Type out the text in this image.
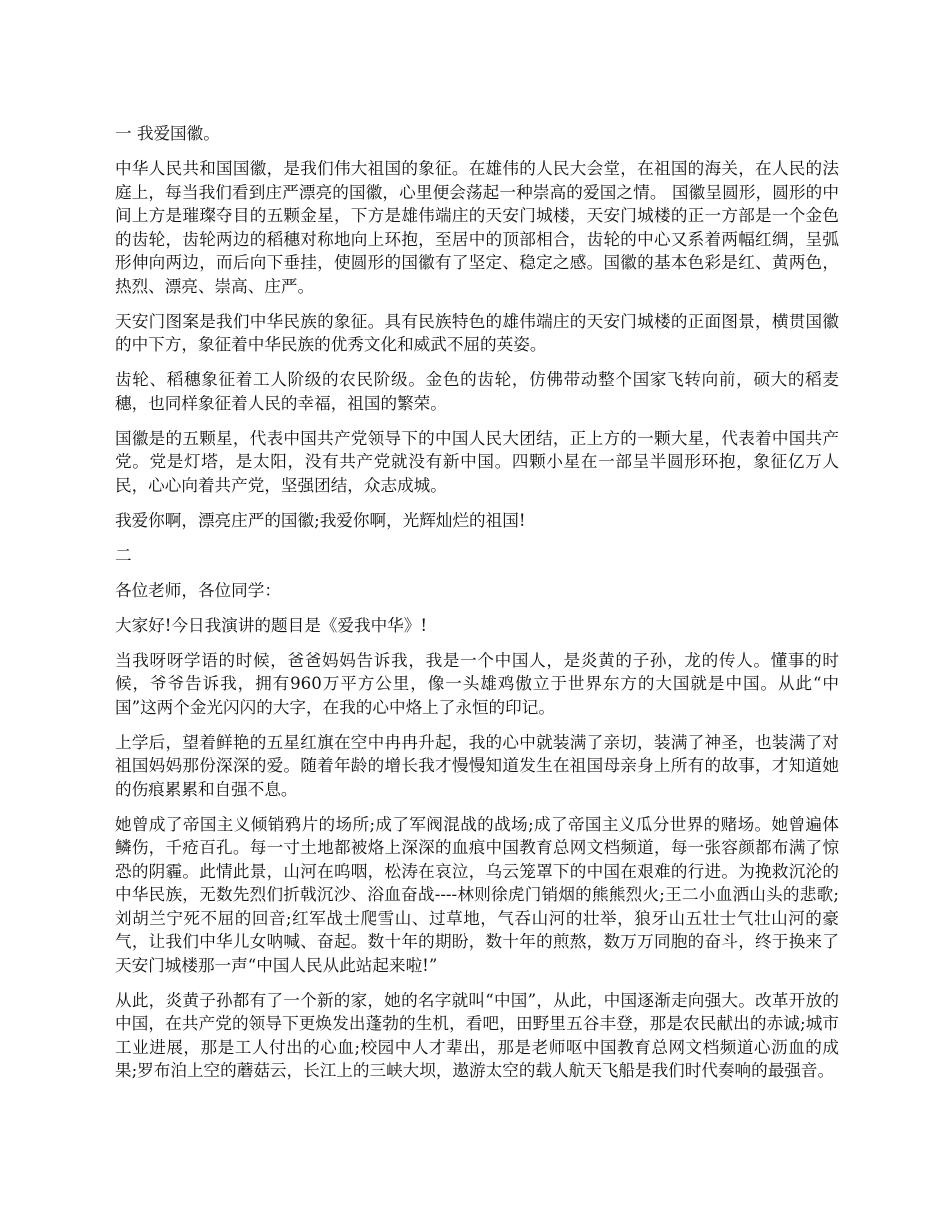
一 我爱国徽。

中华人民共和国国徽，是我们伟大祖国的象征。在雄伟的人民大会堂，在祖国的海关，在人民的法庭上，每当我们看到庄严漂亮的国徽，心里便会荡起一种崇高的爱国之情。 国徽呈圆形，圆形的中间上方是璀璨夺目的五颗金星，下方是雄伟端庄的天安门城楼，天安门城楼的正一方部是一个金色的齿轮，齿轮两边的稻穗对称地向上环抱，至居中的顶部相合，齿轮的中心又系着两幅红绸，呈弧形伸向两边，而后向下垂挂，使圆形的国徽有了坚定、稳定之感。国徽的基本色彩是红、黄两色，热烈、漂亮、崇高、庄严。

天安门图案是我们中华民族的象征。具有民族特色的雄伟端庄的天安门城楼的正面图景，横贯国徽的中下方，象征着中华民族的优秀文化和威武不屈的英姿。

齿轮、稻穗象征着工人阶级的农民阶级。金色的齿轮，仿佛带动整个国家飞转向前，硕大的稻麦穗，也同样象征着人民的幸福，祖国的繁荣。

国徽是的五颗星，代表中国共产党领导下的中国人民大团结，正上方的一颗大星，代表着中国共产党。党是灯塔，是太阳，没有共产党就没有新中国。四颗小星在一部呈半圆形环抱，象征亿万人民，心心向着共产党，坚强团结，众志成城。

我爱你啊，漂亮庄严的国徽;我爱你啊，光辉灿烂的祖国!

二

各位老师，各位同学：

大家好!今日我演讲的题目是《爱我中华》!

当我呀呀学语的时候，爸爸妈妈告诉我，我是一个中国人，是炎黄的子孙，龙的传人。懂事的时候，爷爷告诉我，拥有960万平方公里，像一头雄鸡傲立于世界东方的大国就是中国。从此“中国”这两个金光闪闪的大字，在我的心中烙上了永恒的印记。

上学后，望着鲜艳的五星红旗在空中冉冉升起，我的心中就装满了亲切，装满了神圣，也装满了对祖国妈妈那份深深的爱。随着年龄的增长我才慢慢知道发生在祖国母亲身上所有的故事，才知道她的伤痕累累和自强不息。

她曾成了帝国主义倾销鸦片的场所;成了军阀混战的战场;成了帝国主义瓜分世界的赌场。她曾遍体鳞伤，千疮百孔。每一寸土地都被烙上深深的血痕中国教育总网文档频道，每一张容颜都布满了惊恐的阴霾。此情此景，山河在呜咽，松涛在哀泣，乌云笼罩下的中国在艰难的行进。为挽救沉沦的中华民族，无数先烈们折戟沉沙、浴血奋战----林则徐虎门销烟的熊熊烈火;王二小血洒山头的悲歌;刘胡兰宁死不屈的回音;红军战士爬雪山、过草地，气吞山河的壮举，狼牙山五壮士气壮山河的豪气，让我们中华儿女呐喊、奋起。数十年的期盼，数十年的煎熬，数万万同胞的奋斗，终于换来了天安门城楼那一声“中国人民从此站起来啦!”

从此，炎黄子孙都有了一个新的家，她的名字就叫“中国”，从此，中国逐渐走向强大。改革开放的中国，在共产党的领导下更焕发出蓬勃的生机，看吧，田野里五谷丰登，那是农民献出的赤诚;城市工业进展，那是工人付出的心血;校园中人才辈出，那是老师呕中国教育总网文档频道心沥血的成果;罗布泊上空的蘑菇云，长江上的三峡大坝，遨游太空的载人航天飞船是我们时代奏响的最强音。
